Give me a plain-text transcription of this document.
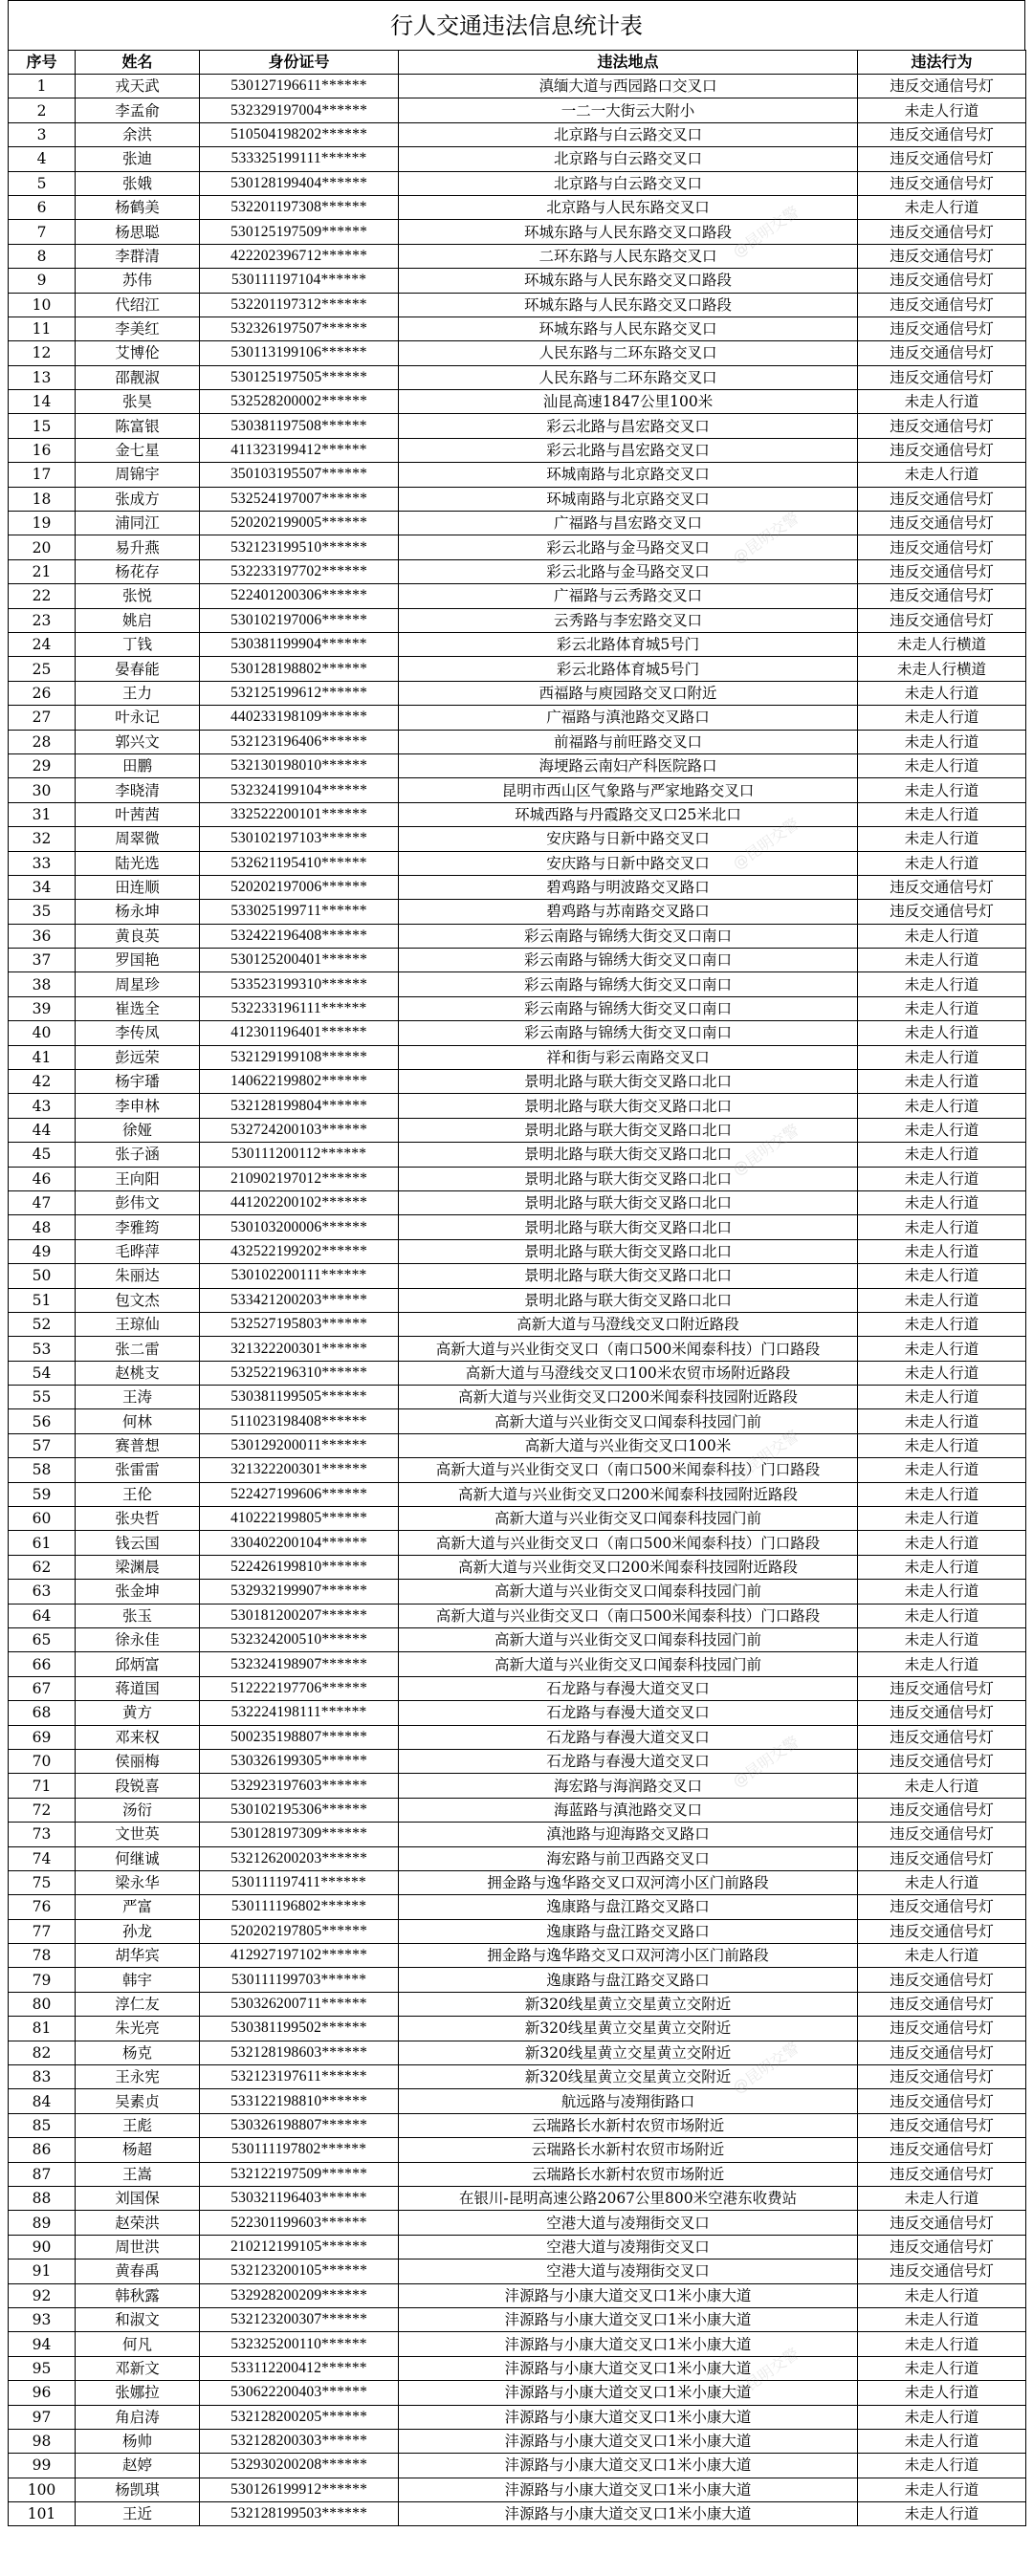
行人交通违法信息统计表
序号	姓名	身份证号	违法地点	违法行为
1	戎天武	530127196611******	滇缅大道与西园路口交叉口	违反交通信号灯
2	李孟俞	532329197004******	一二一大街云大附小	未走人行道
3	余洪	510504198202******	北京路与白云路交叉口	违反交通信号灯
4	张迪	533325199111******	北京路与白云路交叉口	违反交通信号灯
5	张娥	530128199404******	北京路与白云路交叉口	违反交通信号灯
6	杨鹤美	532201197308******	北京路与人民东路交叉口	未走人行道
7	杨思聪	530125197509******	环城东路与人民东路交叉口路段	违反交通信号灯
8	李群清	422202396712******	二环东路与人民东路交叉口	违反交通信号灯
9	苏伟	530111197104******	环城东路与人民东路交叉口路段	违反交通信号灯
10	代绍江	532201197312******	环城东路与人民东路交叉口路段	违反交通信号灯
11	李美红	532326197507******	环城东路与人民东路交叉口	违反交通信号灯
12	艾博伦	530113199106******	人民东路与二环东路交叉口	违反交通信号灯
13	邵靓淑	530125197505******	人民东路与二环东路交叉口	违反交通信号灯
14	张昊	532528200002******	汕昆高速1847公里100米	未走人行道
15	陈富银	530381197508******	彩云北路与昌宏路交叉口	违反交通信号灯
16	金七星	411323199412******	彩云北路与昌宏路交叉口	违反交通信号灯
17	周锦宇	350103195507******	环城南路与北京路交叉口	未走人行道
18	张成方	532524197007******	环城南路与北京路交叉口	违反交通信号灯
19	浦同江	520202199005******	广福路与昌宏路交叉口	违反交通信号灯
20	易升燕	532123199510******	彩云北路与金马路交叉口	违反交通信号灯
21	杨花存	532233197702******	彩云北路与金马路交叉口	违反交通信号灯
22	张悦	522401200306******	广福路与云秀路交叉口	违反交通信号灯
23	姚启	530102197006******	云秀路与李宏路交叉口	违反交通信号灯
24	丁钱	530381199904******	彩云北路体育城5号门	未走人行横道
25	晏春能	530128198802******	彩云北路体育城5号门	未走人行横道
26	王力	532125199612******	西福路与庾园路交叉口附近	未走人行道
27	叶永记	440233198109******	广福路与滇池路交叉路口	未走人行道
28	郭兴文	532123196406******	前福路与前旺路交叉口	未走人行道
29	田鹏	532130198010******	海埂路云南妇产科医院路口	未走人行道
30	李晓清	532324199104******	昆明市西山区气象路与严家地路交叉口	未走人行道
31	叶茜茜	332522200101******	环城西路与丹霞路交叉口25米北口	未走人行道
32	周翠微	530102197103******	安庆路与日新中路交叉口	未走人行道
33	陆光选	532621195410******	安庆路与日新中路交叉口	未走人行道
34	田连顺	520202197006******	碧鸡路与明波路交叉路口	违反交通信号灯
35	杨永坤	533025199711******	碧鸡路与苏南路交叉路口	违反交通信号灯
36	黄良英	532422196408******	彩云南路与锦绣大街交叉口南口	未走人行道
37	罗国艳	530125200401******	彩云南路与锦绣大街交叉口南口	未走人行道
38	周星珍	533523199310******	彩云南路与锦绣大街交叉口南口	未走人行道
39	崔选全	532233196111******	彩云南路与锦绣大街交叉口南口	未走人行道
40	李传凤	412301196401******	彩云南路与锦绣大街交叉口南口	未走人行道
41	彭远荣	532129199108******	祥和街与彩云南路交叉口	未走人行道
42	杨宇璠	140622199802******	景明北路与联大街交叉路口北口	未走人行道
43	李申林	532128199804******	景明北路与联大街交叉路口北口	未走人行道
44	徐娅	532724200103******	景明北路与联大街交叉路口北口	未走人行道
45	张子涵	530111200112******	景明北路与联大街交叉路口北口	未走人行道
46	王向阳	210902197012******	景明北路与联大街交叉路口北口	未走人行道
47	彭伟文	441202200102******	景明北路与联大街交叉路口北口	未走人行道
48	李雅筠	530103200006******	景明北路与联大街交叉路口北口	未走人行道
49	毛晔萍	432522199202******	景明北路与联大街交叉路口北口	未走人行道
50	朱丽达	530102200111******	景明北路与联大街交叉路口北口	未走人行道
51	包文杰	533421200203******	景明北路与联大街交叉路口北口	未走人行道
52	王琼仙	532527195803******	高新大道与马澄线交叉口附近路段	未走人行道
53	张二雷	321322200301******	高新大道与兴业街交叉口（南口500米闻泰科技）门口路段	未走人行道
54	赵桃支	532522196310******	高新大道与马澄线交叉口100米农贸市场附近路段	未走人行道
55	王涛	530381199505******	高新大道与兴业街交叉口200米闻泰科技园附近路段	未走人行道
56	何林	511023198408******	高新大道与兴业街交叉口闻泰科技园门前	未走人行道
57	赛普想	530129200011******	高新大道与兴业街交叉口100米	未走人行道
58	张雷雷	321322200301******	高新大道与兴业街交叉口（南口500米闻泰科技）门口路段	未走人行道
59	王伦	522427199606******	高新大道与兴业街交叉口200米闻泰科技园附近路段	未走人行道
60	张央哲	410222199805******	高新大道与兴业街交叉口闻泰科技园门前	未走人行道
61	钱云国	330402200104******	高新大道与兴业街交叉口（南口500米闻泰科技）门口路段	未走人行道
62	梁渊晨	522426199810******	高新大道与兴业街交叉口200米闻泰科技园附近路段	未走人行道
63	张金坤	532932199907******	高新大道与兴业街交叉口闻泰科技园门前	未走人行道
64	张玉	530181200207******	高新大道与兴业街交叉口（南口500米闻泰科技）门口路段	未走人行道
65	徐永佳	532324200510******	高新大道与兴业街交叉口闻泰科技园门前	未走人行道
66	邱炳富	532324198907******	高新大道与兴业街交叉口闻泰科技园门前	未走人行道
67	蒋道国	512222197706******	石龙路与春漫大道交叉口	违反交通信号灯
68	黄方	532224198111******	石龙路与春漫大道交叉口	违反交通信号灯
69	邓来权	500235198807******	石龙路与春漫大道交叉口	违反交通信号灯
70	侯丽梅	530326199305******	石龙路与春漫大道交叉口	违反交通信号灯
71	段锐喜	532923197603******	海宏路与海润路交叉口	未走人行道
72	汤衍	530102195306******	海蓝路与滇池路交叉口	违反交通信号灯
73	文世英	530128197309******	滇池路与迎海路交叉路口	违反交通信号灯
74	何继诚	532126200203******	海宏路与前卫西路交叉口	违反交通信号灯
75	梁永华	530111197411******	拥金路与逸华路交叉口双河湾小区门前路段	未走人行道
76	严富	530111196802******	逸康路与盘江路交叉路口	违反交通信号灯
77	孙龙	520202197805******	逸康路与盘江路交叉路口	违反交通信号灯
78	胡华宾	412927197102******	拥金路与逸华路交叉口双河湾小区门前路段	未走人行道
79	韩宇	530111199703******	逸康路与盘江路交叉路口	违反交通信号灯
80	淳仁友	530326200711******	新320线星黄立交星黄立交附近	违反交通信号灯
81	朱光亮	530381199502******	新320线星黄立交星黄立交附近	违反交通信号灯
82	杨克	532128198603******	新320线星黄立交星黄立交附近	违反交通信号灯
83	王永宪	532123197611******	新320线星黄立交星黄立交附近	违反交通信号灯
84	吴素贞	533122198810******	航远路与凌翔街路口	违反交通信号灯
85	王彪	530326198807******	云瑞路长水新村农贸市场附近	违反交通信号灯
86	杨超	530111197802******	云瑞路长水新村农贸市场附近	违反交通信号灯
87	王嵩	532122197509******	云瑞路长水新村农贸市场附近	违反交通信号灯
88	刘国保	530321196403******	在银川-昆明高速公路2067公里800米空港东收费站	未走人行道
89	赵荣洪	522301199603******	空港大道与凌翔街交叉口	违反交通信号灯
90	周世洪	210212199105******	空港大道与凌翔街交叉口	违反交通信号灯
91	黄春禹	532123200105******	空港大道与凌翔街交叉口	违反交通信号灯
92	韩秋露	532928200209******	沣源路与小康大道交叉口1米小康大道	未走人行道
93	和淑文	532123200307******	沣源路与小康大道交叉口1米小康大道	未走人行道
94	何凡	532325200110******	沣源路与小康大道交叉口1米小康大道	未走人行道
95	邓新文	533112200412******	沣源路与小康大道交叉口1米小康大道	未走人行道
96	张娜拉	530622200403******	沣源路与小康大道交叉口1米小康大道	未走人行道
97	角启涛	532128200205******	沣源路与小康大道交叉口1米小康大道	未走人行道
98	杨帅	532128200303******	沣源路与小康大道交叉口1米小康大道	未走人行道
99	赵婷	532930200208******	沣源路与小康大道交叉口1米小康大道	未走人行道
100	杨凯琪	530126199912******	沣源路与小康大道交叉口1米小康大道	未走人行道
101	王近	532128199503******	沣源路与小康大道交叉口1米小康大道	未走人行道
@昆明交警
@昆明交警
@昆明交警
@昆明交警
@昆明交警
@昆明交警
@昆明交警
@昆明交警
